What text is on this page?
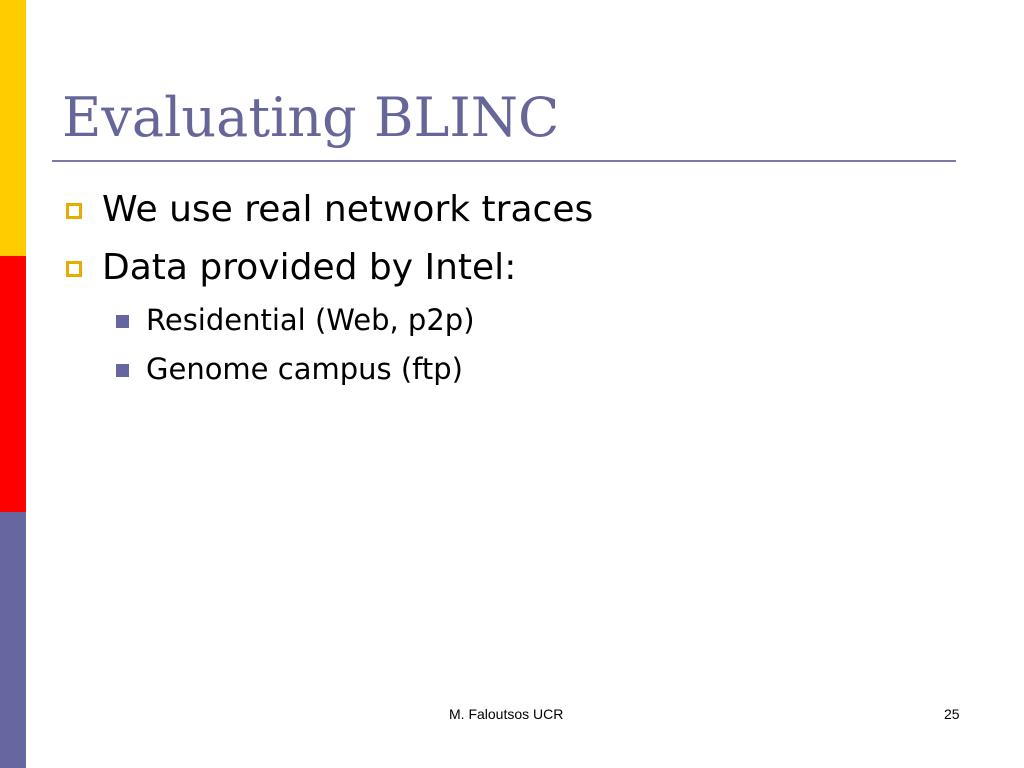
Evaluating BLINC
We use real network traces
Data provided by Intel:
Residential (Web, p2p)
Genome campus (ftp)
M. Faloutsos UCR	25
